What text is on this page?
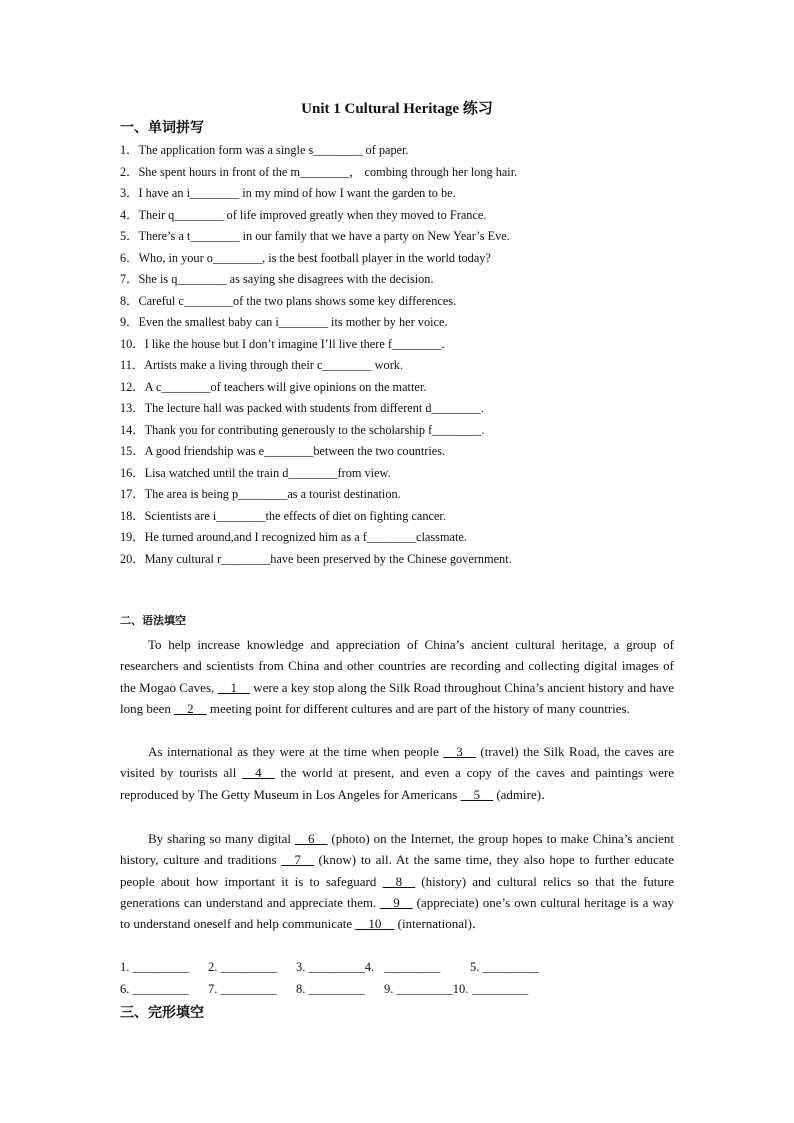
Unit 1 Cultural Heritage 练习
一、单词拼写
1．The application form was a single s________ of paper.
2．She spent hours in front of the m________， combing through her long hair.
3．I have an i________ in my mind of how I want the garden to be.
4．Their q________ of life improved greatly when they moved to France.
5．There’s a t________ in our family that we have a party on New Year’s Eve.
6．Who, in your o________, is the best football player in the world today?
7．She is q________ as saying she disagrees with the decision.
8．Careful c________of the two plans shows some key differences.
9．Even the smallest baby can i________ its mother by her voice.
10．I like the house but I don’t imagine I’ll live there f________．
11．Artists make a living through their c________ work.
12．A c________of teachers will give opinions on the matter.
13．The lecture hall was packed with students from different d________.
14．Thank you for contributing generously to the scholarship f________.
15．A good friendship was e________between the two countries.
16．Lisa watched until the train d________from view.
17．The area is being p________as a tourist destination.
18．Scientists are i________the effects of diet on fighting cancer.
19．He turned around,and I recognized him as a f________classmate.
20．Many cultural r________have been preserved by the Chinese government.
二、语法填空
To help increase knowledge and appreciation of China’s ancient cultural heritage, a group of researchers and scientists from China and other countries are recording and collecting digital images of the Mogao Caves, __1__ were a key stop along the Silk Road throughout China’s ancient history and have long been __2__ meeting point for different cultures and are part of the history of many countries.
As international as they were at the time when people __3__ (travel) the Silk Road, the caves are visited by tourists all __4__ the world at present, and even a copy of the caves and paintings were reproduced by The Getty Museum in Los Angeles for Americans __5__ (admire)．
By sharing so many digital __6__ (photo) on the Internet, the group hopes to make China’s ancient history, culture and traditions __7__ (know) to all. At the same time, they also hope to further educate people about how important it is to safeguard __8__ (history) and cultural relics so that the future generations can understand and appreciate them. __9__ (appreciate) one’s own cultural heritage is a way to understand oneself and help communicate __10__ (international)．
1. _________ 2. _________ 3. _________4. _________ 5. _________
6. _________ 7. _________ 8. _________ 9. _________10. _________
三、完形填空
